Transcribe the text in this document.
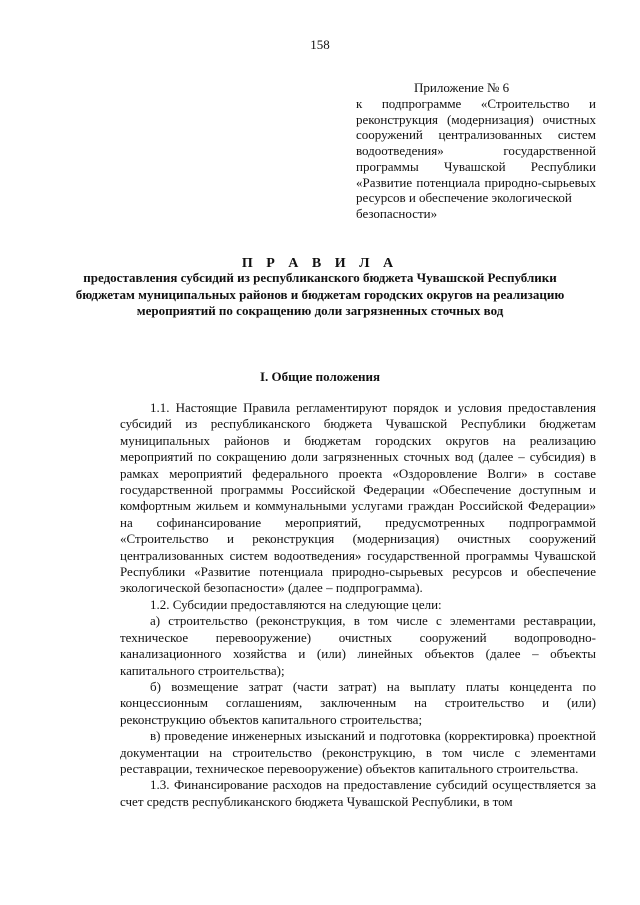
158
Приложение № 6
к подпрограмме «Строительство и реконструкция (модернизация) очистных сооружений централизованных систем водоотведения» государственной программы Чувашской Республики «Развитие потенциала природно-сырьевых ресурсов и обеспечение экологической
безопасности»
П Р А В И Л А
предоставления субсидий из республиканского бюджета Чувашской Республики бюджетам муниципальных районов и бюджетам городских округов на реализацию мероприятий по сокращению доли загрязненных сточных вод
I. Общие положения

1.1. Настоящие Правила регламентируют порядок и условия предоставления субсидий из республиканского бюджета Чувашской Республики бюджетам муниципальных районов и бюджетам городских округов на реализацию мероприятий по сокращению доли загрязненных сточных вод (далее – субсидия) в рамках мероприятий федерального проекта «Оздоровление Волги» в составе государственной программы Российской Федерации «Обеспечение доступным и комфортным жильем и коммунальными услугами граждан Российской Федерации» на софинансирование мероприятий, предусмотренных подпрограммой «Строительство и реконструкция (модернизация) очистных сооружений централизованных систем водоотведения» государственной программы Чувашской Республики «Развитие потенциала природно-сырьевых ресурсов и обеспечение экологической безопасности» (далее – подпрограмма).

1.2. Субсидии предоставляются на следующие цели:

а) строительство (реконструкция, в том числе с элементами реставрации, техническое перевооружение) очистных сооружений водопроводно-канализационного хозяйства и (или) линейных объектов (далее – объекты капитального строительства);

б) возмещение затрат (части затрат) на выплату платы концедента по концессионным соглашениям, заключенным на строительство и (или) реконструкцию объектов капитального строительства;

в) проведение инженерных изысканий и подготовка (корректировка) проектной документации на строительство (реконструкцию, в том числе с элементами реставрации, техническое перевооружение) объектов капитального строительства.

1.3. Финансирование расходов на предоставление субсидий осуществляется за счет средств республиканского бюджета Чувашской Республики, в том
